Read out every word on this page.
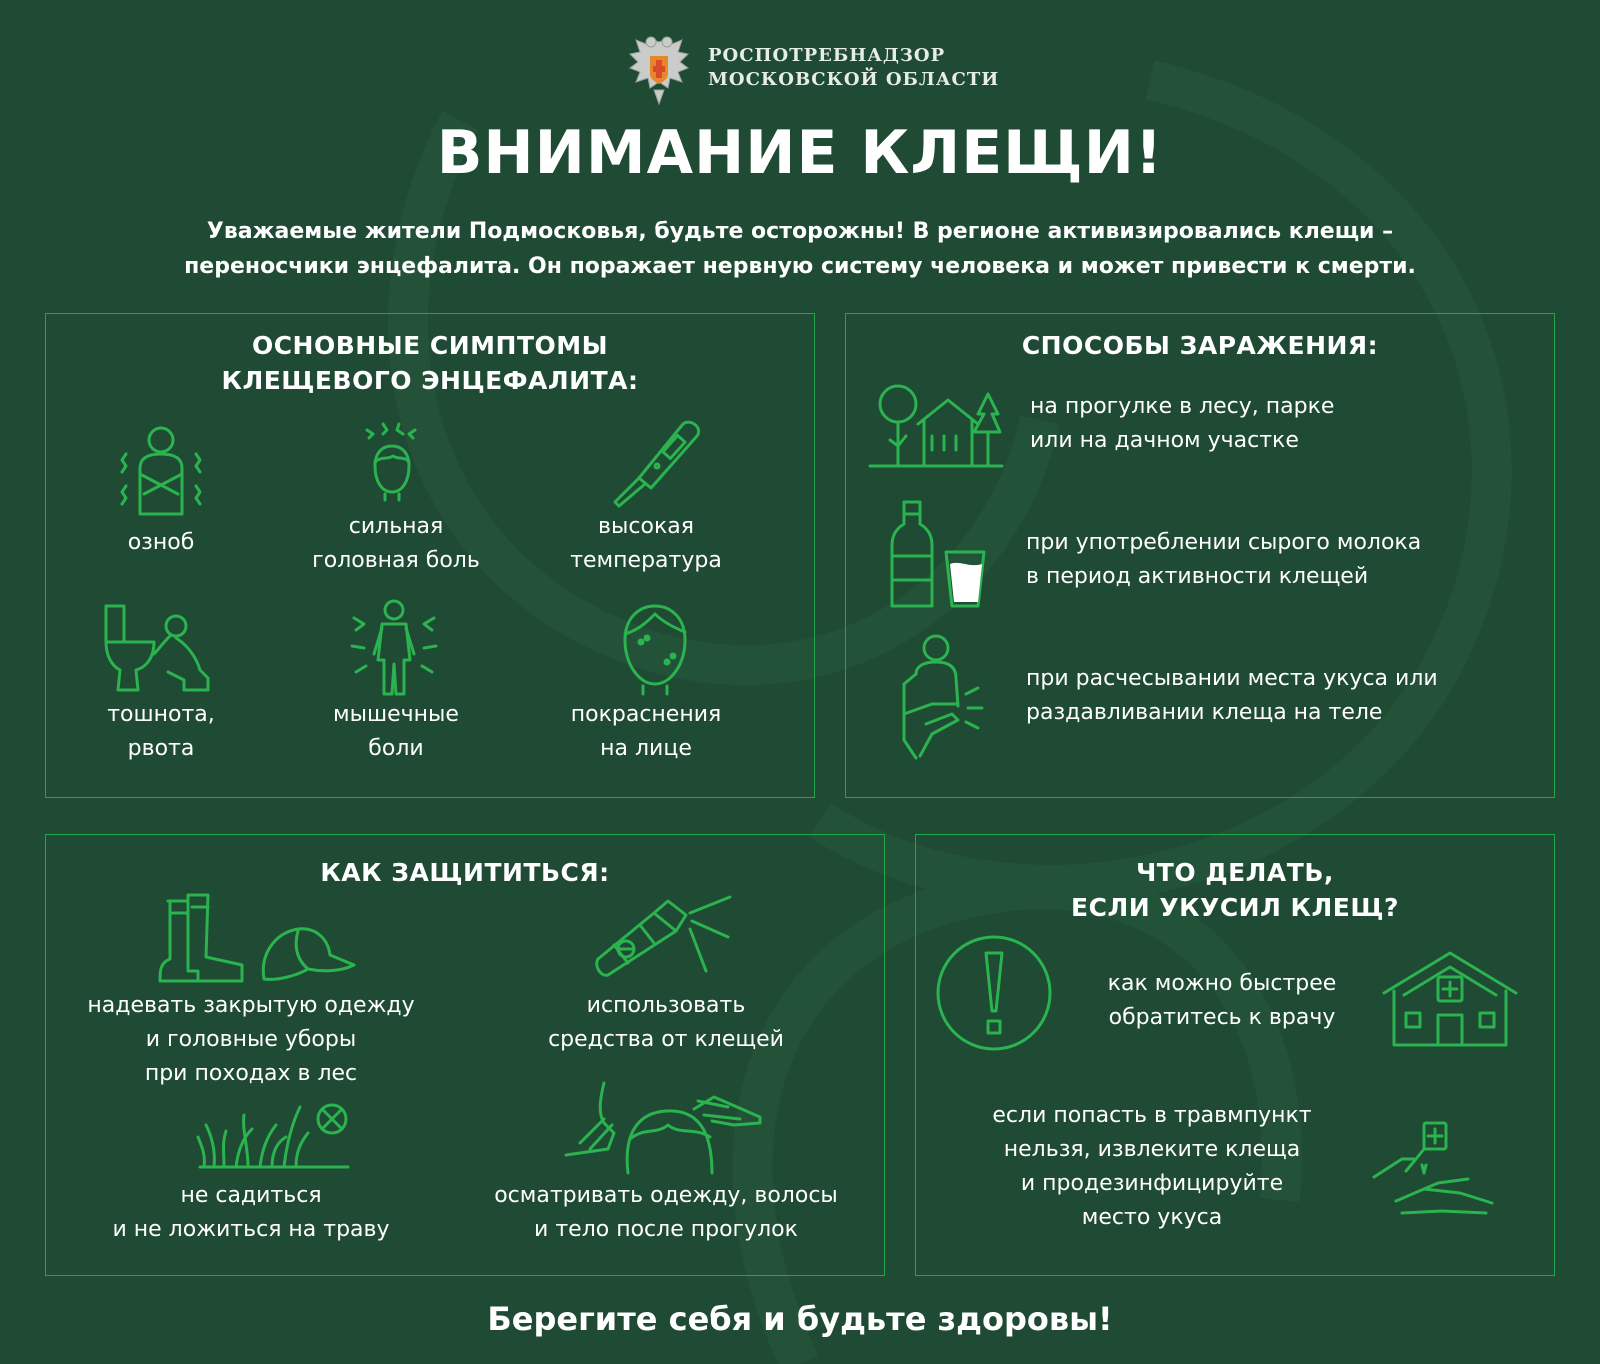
РОСПОТРЕБНАДЗОР
МОСКОВСКОЙ ОБЛАСТИ
ВНИМАНИЕ КЛЕЩИ!
Уважаемые жители Подмосковья, будьте осторожны! В регионе активизировались клещи –
переносчики энцефалита. Он поражает нервную систему человека и может привести к смерти.
ОСНОВНЫЕ СИМПТОМЫ
КЛЕЩЕВОГО ЭНЦЕФАЛИТА:
озноб
сильная
головная боль
высокая
температура
тошнота,
рвота
мышечные
боли
покраснения
на лице
СПОСОБЫ ЗАРАЖЕНИЯ:
на прогулке в лесу, парке
или на дачном участке
при употреблении сырого молока
в период активности клещей
при расчесывании места укуса или
раздавливании клеща на теле
КАК ЗАЩИТИТЬСЯ:
надевать закрытую одежду
и головные уборы
при походах в лес
использовать
средства от клещей
не садиться
и не ложиться на траву
осматривать одежду, волосы
и тело после прогулок
ЧТО ДЕЛАТЬ,
ЕСЛИ УКУСИЛ КЛЕЩ?
как можно быстрее
обратитесь к врачу
если попасть в травмпункт
нельзя, извлеките клеща
и продезинфицируйте
место укуса
Берегите себя и будьте здоровы!
